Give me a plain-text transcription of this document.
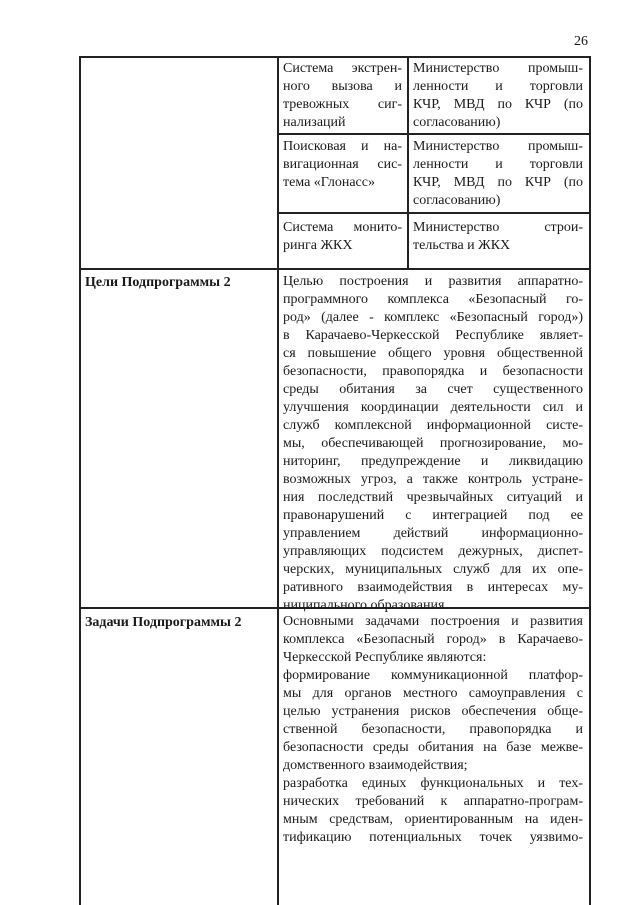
26
Система экстрен-
ного вызова и
тревожных сиг-
нализаций
Министерство промыш-
ленности и торговли
КЧР, МВД по КЧР (по
согласованию)
Поисковая и на-
вигационная сис-
тема «Глонасс»
Министерство промыш-
ленности и торговли
КЧР, МВД по КЧР (по
согласованию)
Система монито-
ринга ЖКХ
Министерство строи-
тельства и ЖКХ
Цели Подпрограммы 2	Целью построения и развития аппаратно-
программного комплекса «Безопасный го-
род» (далее - комплекс «Безопасный город»)
в Карачаево-Черкесской Республике являет-
ся повышение общего уровня общественной
безопасности, правопорядка и безопасности
среды обитания за счет существенного
улучшения координации деятельности сил и
служб комплексной информационной систе-
мы, обеспечивающей прогнозирование, мо-
ниторинг, предупреждение и ликвидацию
возможных угроз, а также контроль устране-
ния последствий чрезвычайных ситуаций и
правонарушений с интеграцией под ее
управлением действий информационно-
управляющих подсистем дежурных, диспет-
черских, муниципальных служб для их опе-
ративного взаимодействия в интересах му-
ниципального образования
Задачи Подпрограммы 2	Основными задачами построения и развития
комплекса «Безопасный город» в Карачаево-
Черкесской Республике являются:
формирование коммуникационной платфор-
мы для органов местного самоуправления с
целью устранения рисков обеспечения обще-
ственной безопасности, правопорядка и
безопасности среды обитания на базе межве-
домственного взаимодействия;
разработка единых функциональных и тех-
нических требований к аппаратно-програм-
мным средствам, ориентированным на иден-
тификацию потенциальных точек уязвимо-
